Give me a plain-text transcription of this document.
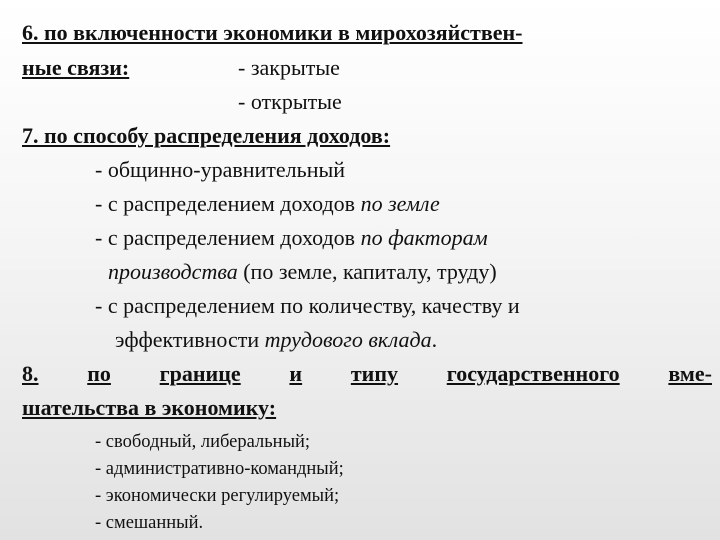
6. по включенности экономики в мирохозяйствен-
ные связи:	- закрытые
- открытые
7. по способу распределения доходов:
- общинно-уравнительный
- с распределением доходов по земле
- с распределением доходов по факторам
производства (по земле, капиталу, труду)
- с распределением по количеству, качеству и
эффективности трудового вклада.
8. по границе и типу государственного вме-
шательства в экономику:
- свободный, либеральный;
- административно-командный;
- экономически регулируемый;
- смешанный.
